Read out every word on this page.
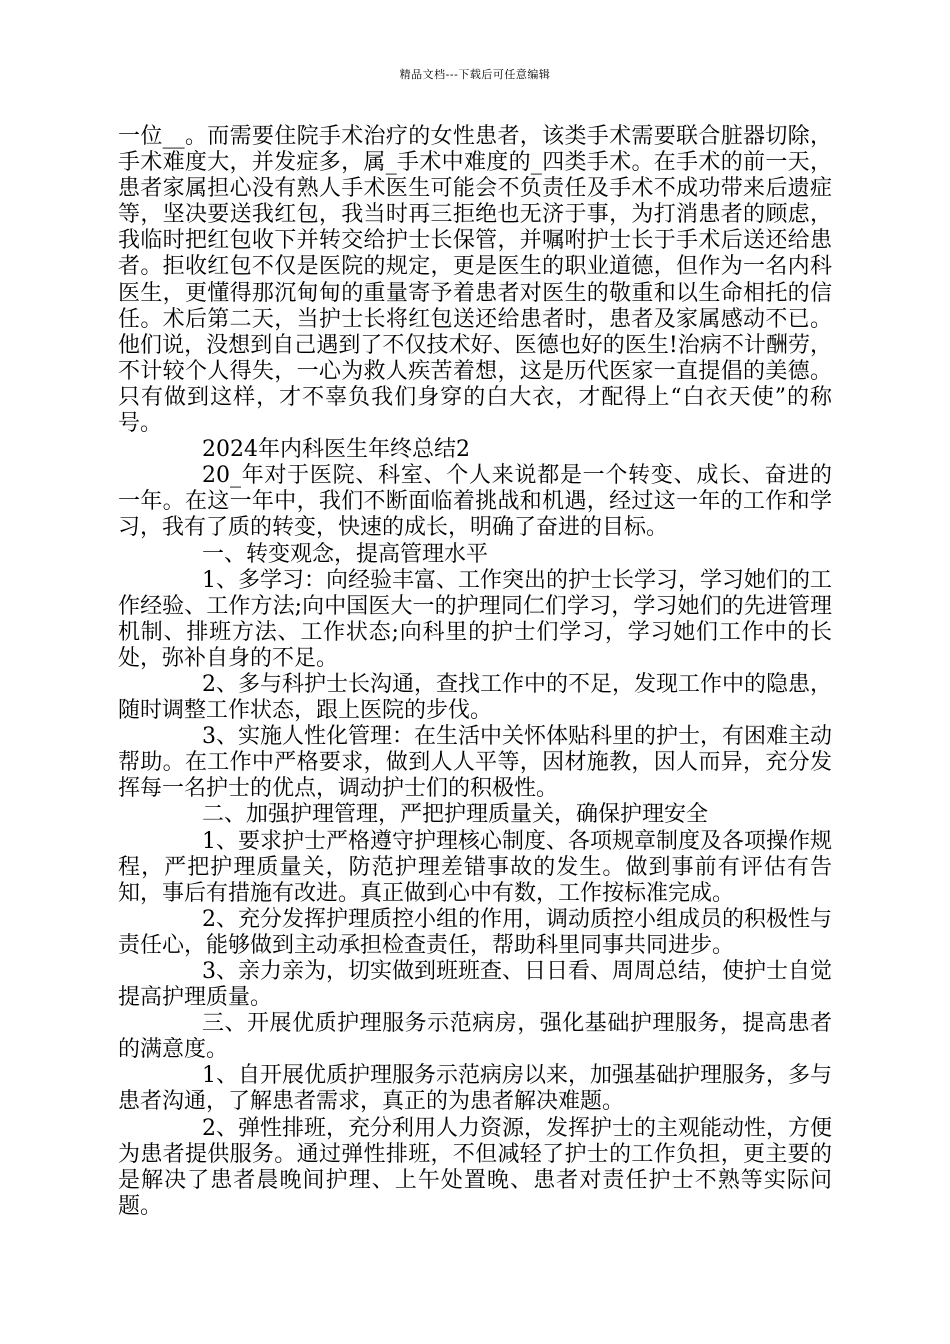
精品文档---下载后可任意编辑

一位__。而需要住院手术治疗的女性患者，该类手术需要联合脏器切除，手术难度大，并发症多，属_手术中难度的_四类手术。在手术的前一天，患者家属担心没有熟人手术医生可能会不负责任及手术不成功带来后遗症等，坚决要送我红包，我当时再三拒绝也无济于事，为打消患者的顾虑，我临时把红包收下并转交给护士长保管，并嘱咐护士长于手术后送还给患者。拒收红包不仅是医院的规定，更是医生的职业道德，但作为一名内科医生，更懂得那沉甸甸的重量寄予着患者对医生的敬重和以生命相托的信任。术后第二天，当护士长将红包送还给患者时，患者及家属感动不已。他们说，没想到自己遇到了不仅技术好、医德也好的医生!治病不计酬劳，不计较个人得失，一心为救人疾苦着想，这是历代医家一直提倡的美德。只有做到这样，才不辜负我们身穿的白大衣，才配得上“白衣天使”的称号。

2024年内科医生年终总结2

20_年对于医院、科室、个人来说都是一个转变、成长、奋进的一年。在这一年中，我们不断面临着挑战和机遇，经过这一年的工作和学习，我有了质的转变，快速的成长，明确了奋进的目标。

一、转变观念，提高管理水平

1、多学习：向经验丰富、工作突出的护士长学习，学习她们的工作经验、工作方法;向中国医大一的护理同仁们学习，学习她们的先进管理机制、排班方法、工作状态;向科里的护士们学习，学习她们工作中的长处，弥补自身的不足。

2、多与科护士长沟通，查找工作中的不足，发现工作中的隐患，随时调整工作状态，跟上医院的步伐。

3、实施人性化管理：在生活中关怀体贴科里的护士，有困难主动帮助。在工作中严格要求，做到人人平等，因材施教，因人而异，充分发挥每一名护士的优点，调动护士们的积极性。

二、加强护理管理，严把护理质量关，确保护理安全

1、要求护士严格遵守护理核心制度、各项规章制度及各项操作规程，严把护理质量关，防范护理差错事故的发生。做到事前有评估有告知，事后有措施有改进。真正做到心中有数，工作按标准完成。

2、充分发挥护理质控小组的作用，调动质控小组成员的积极性与责任心，能够做到主动承担检查责任，帮助科里同事共同进步。

3、亲力亲为，切实做到班班查、日日看、周周总结，使护士自觉提高护理质量。

三、开展优质护理服务示范病房，强化基础护理服务，提高患者的满意度。

1、自开展优质护理服务示范病房以来，加强基础护理服务，多与患者沟通，了解患者需求，真正的为患者解决难题。

2、弹性排班，充分利用人力资源，发挥护士的主观能动性，方便为患者提供服务。通过弹性排班，不但减轻了护士的工作负担，更主要的是解决了患者晨晚间护理、上午处置晚、患者对责任护士不熟等实际问题。
